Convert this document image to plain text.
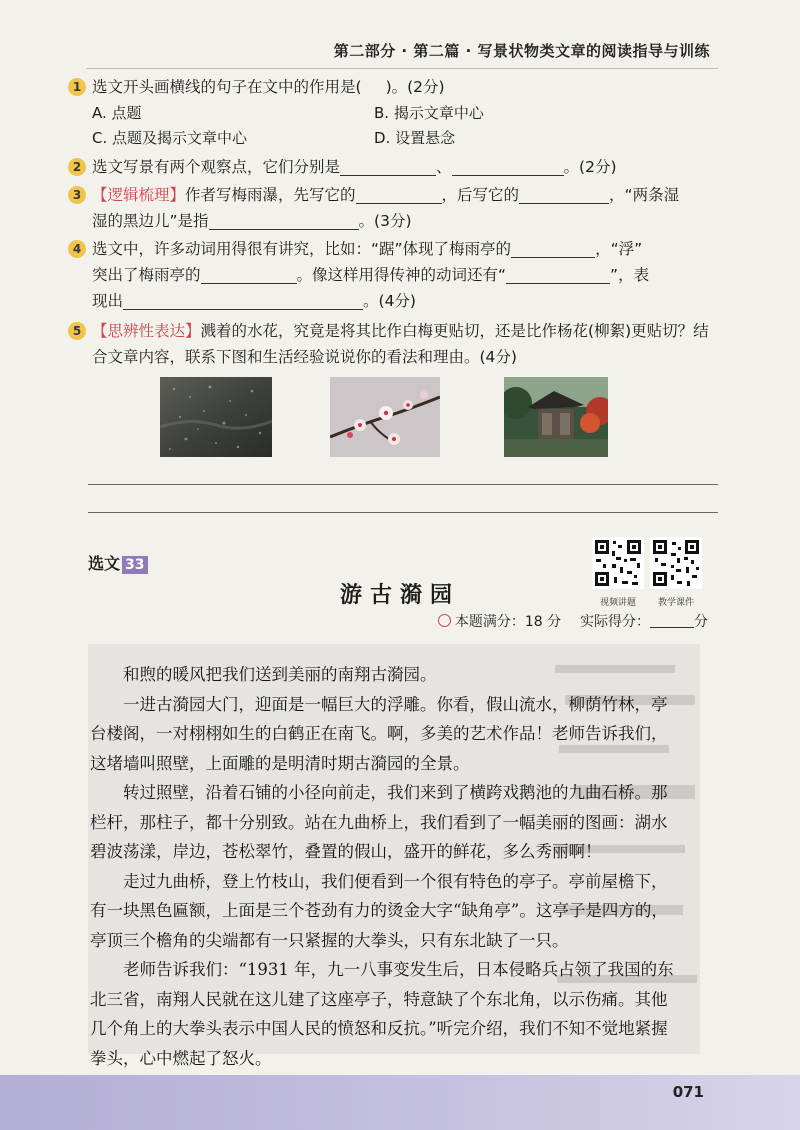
第二部分 · 第二篇 · 写景状物类文章的阅读指导与训练
1 选文开头画横线的句子在文中的作用是( )。(2分)
A. 点题	B. 揭示文章中心
C. 点题及揭示文章中心	D. 设置悬念
2 选文写景有两个观察点，它们分别是	、	。(2分)
3 【逻辑梳理】作者写梅雨瀑，先写它的	，后写它的	，“两条湿
湿的黑边儿”是指	。(3分)
4 选文中，许多动词用得很有讲究，比如：“踞”体现了梅雨亭的	，“浮”
突出了梅雨亭的	。像这样用得传神的动词还有“	”，表
现出	。(4分)
5 【思辨性表达】溅着的水花，究竟是将其比作白梅更贴切，还是比作杨花(柳絮)更贴切？结
合文章内容，联系下图和生活经验说说你的看法和理由。(4分)
选文 33
游古漪园	视频讲题	教学课件
本题满分：18 分 实际得分：	分

和煦的暖风把我们送到美丽的南翔古漪园。

一进古漪园大门，迎面是一幅巨大的浮雕。你看，假山流水，柳荫竹林，亭台楼阁，一对栩栩如生的白鹤正在南飞。啊，多美的艺术作品！老师告诉我们，这堵墙叫照壁，上面雕的是明清时期古漪园的全景。

转过照壁，沿着石铺的小径向前走，我们来到了横跨戏鹅池的九曲石桥。那栏杆，那柱子，都十分别致。站在九曲桥上，我们看到了一幅美丽的图画：湖水碧波荡漾，岸边，苍松翠竹，叠置的假山，盛开的鲜花，多么秀丽啊！

走过九曲桥，登上竹枝山，我们便看到一个很有特色的亭子。亭前屋檐下，有一块黑色匾额，上面是三个苍劲有力的烫金大字“缺角亭”。这亭子是四方的，亭顶三个檐角的尖端都有一只紧握的大拳头，只有东北缺了一只。

老师告诉我们：“1931 年，九一八事变发生后，日本侵略兵占领了我国的东北三省，南翔人民就在这儿建了这座亭子，特意缺了个东北角，以示伤痛。其他几个角上的大拳头表示中国人民的愤怒和反抗。”听完介绍，我们不知不觉地紧握拳头，心中燃起了怒火。

071
